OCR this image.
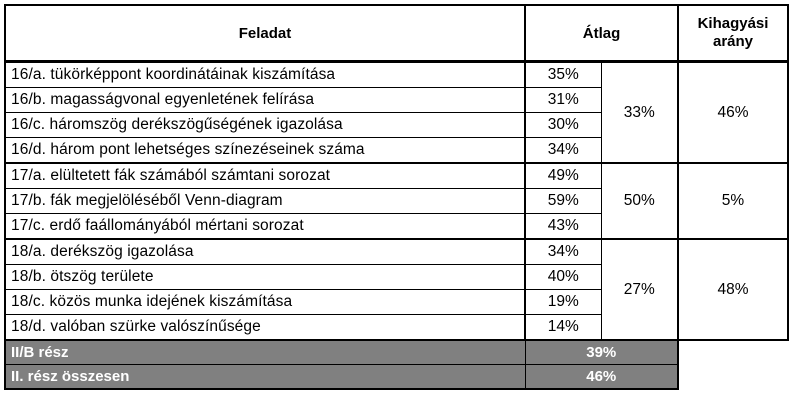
Feladat	Átlag		Kihagyási
arány

16/a. tükörképpont koordinátáinak kiszámítása	35%	33%	46%
16/b. magasságvonal egyenletének felírása	31%		
16/c. háromszög derékszögűségének igazolása	30%		
16/d. három pont lehetséges színezéseinek száma	34%		
17/a. elültetett fák számából számtani sorozat	49%	50%	5%
17/b. fák megjelöléséből Venn-diagram	59%		
17/c. erdő faállományából mértani sorozat	43%		
18/a. derékszög igazolása	34%	27%	48%
18/b. ötszög területe	40%		
18/c. közös munka idejének kiszámítása	19%		
18/d. valóban szürke valószínűsége	14%		
II/B rész	39%		
II. rész összesen	46%		
